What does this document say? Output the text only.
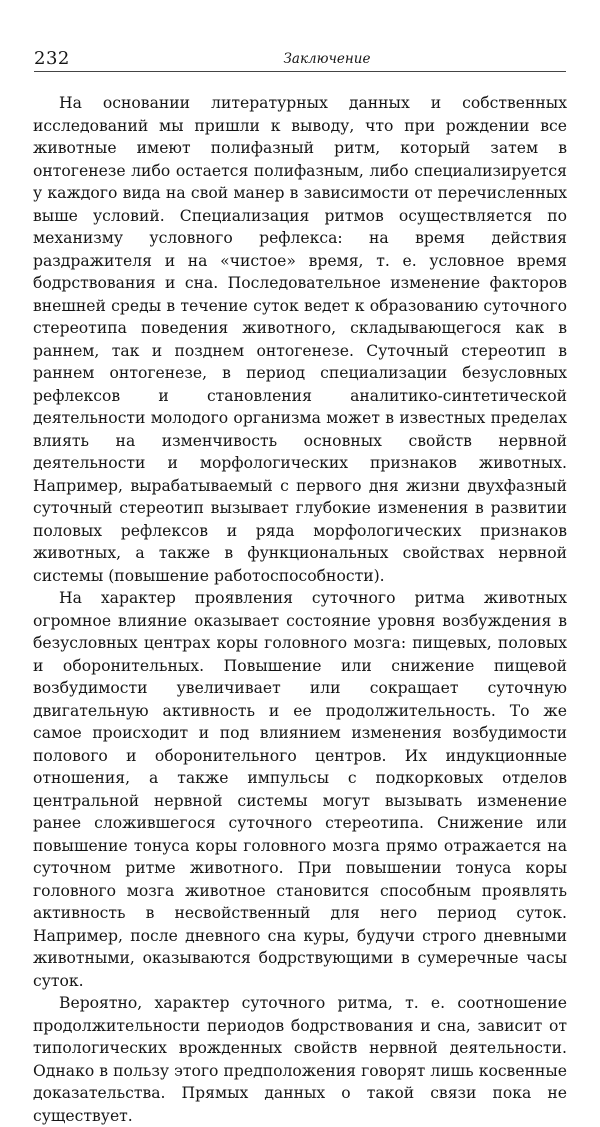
232	Заключение

На основании литературных данных и собственных исследований мы пришли к выводу, что при рождении все животные имеют полифазный ритм, который затем в онтогенезе либо остается полифазным, либо специализируется у каждого вида на свой манер в зависимости от перечисленных выше условий. Специализация ритмов осуществляется по механизму условного рефлекса: на время действия раздражителя и на «чистое» время, т. е. условное время бодрствования и сна. Последовательное изменение факторов внешней среды в течение суток ведет к образованию суточного стереотипа поведения животного, складывающегося как в раннем, так и позднем онтогенезе. Суточный стереотип в раннем онтогенезе, в период специализации безусловных рефлексов и становления аналитико-синтетической деятельности молодого организма может в известных пределах влиять на изменчивость основных свойств нервной деятельности и морфологических признаков животных. Например, вырабатываемый с первого дня жизни двухфазный суточный стереотип вызывает глубокие изменения в развитии половых рефлексов и ряда морфологических признаков животных, а также в функциональных свойствах нервной системы (повышение работоспособности).

На характер проявления суточного ритма животных огромное влияние оказывает состояние уровня возбуждения в безусловных центрах коры головного мозга: пищевых, половых и оборонительных. Повышение или снижение пищевой возбудимости увеличивает или сокращает суточную двигательную активность и ее продолжительность. То же самое происходит и под влиянием изменения возбудимости полового и оборонительного центров. Их индукционные отношения, а также импульсы с подкорковых отделов центральной нервной системы могут вызывать изменение ранее сложившегося суточного стереотипа. Снижение или повышение тонуса коры головного мозга прямо отражается на суточном ритме животного. При повышении тонуса коры головного мозга животное становится способным проявлять активность в несвойственный для него период суток. Например, после дневного сна куры, будучи строго дневными животными, оказываются бодрствующими в сумеречные часы суток.

Вероятно, характер суточного ритма, т. е. соотношение продолжительности периодов бодрствования и сна, зависит от типологических врожденных свойств нервной деятельности. Однако в пользу этого предположения говорят лишь косвенные доказательства. Прямых данных о такой связи пока не существует.
